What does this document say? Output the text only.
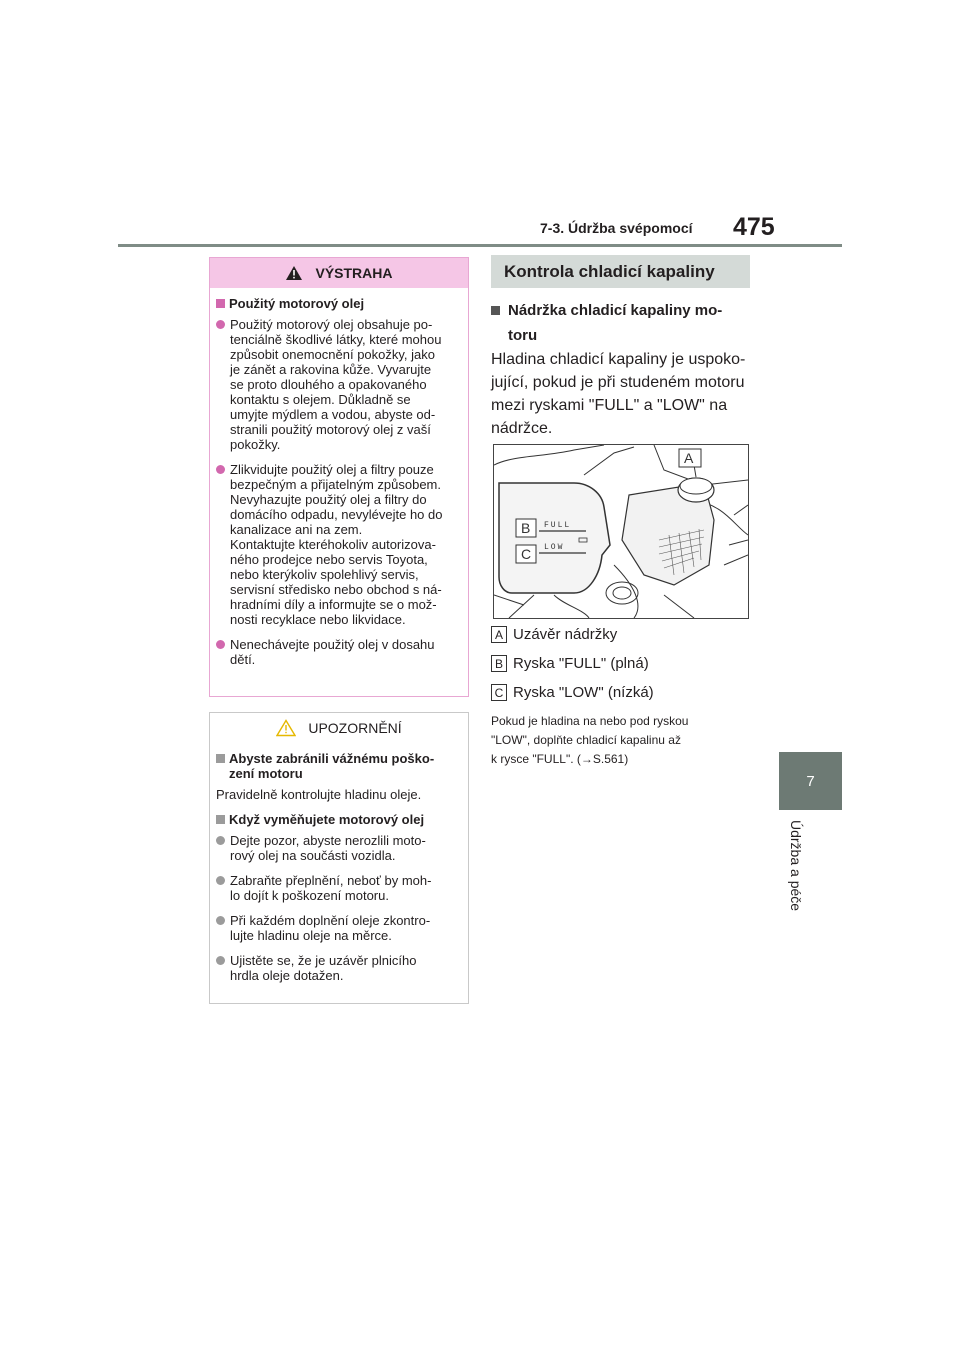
7-3. Údržba svépomocí 475
7
Údržba a péče
VÝSTRAHA
Použitý motorový olej
Použitý motorový olej obsahuje po-
tenciálně škodlivé látky, které mohou
způsobit onemocnění pokožky, jako
je zánět a rakovina kůže. Vyvarujte
se proto dlouhého a opakovaného
kontaktu s olejem. Důkladně se
umyjte mýdlem a vodou, abyste od-
stranili použitý motorový olej z vaší
pokožky.
Zlikvidujte použitý olej a filtry pouze
bezpečným a přijatelným způsobem.
Nevyhazujte použitý olej a filtry do
domácího odpadu, nevylévejte ho do
kanalizace ani na zem.
Kontaktujte kteréhokoliv autorizova-
ného prodejce nebo servis Toyota,
nebo kterýkoliv spolehlivý servis,
servisní středisko nebo obchod s ná-
hradními díly a informujte se o mož-
nosti recyklace nebo likvidace.
Nenechávejte použitý olej v dosahu
dětí.
UPOZORNĚNÍ
Abyste zabránili vážnému poško-
zení motoru
Pravidelně kontrolujte hladinu oleje.
Když vyměňujete motorový olej
Dejte pozor, abyste nerozlili moto-
rový olej na součásti vozidla.
Zabraňte přeplnění, neboť by moh-
lo dojít k poškození motoru.
Při každém doplnění oleje zkontro-
lujte hladinu oleje na měrce.
Ujistěte se, že je uzávěr plnicího
hrdla oleje dotažen.
Kontrola chladicí kapaliny
Nádržka chladicí kapaliny mo-
toru
Hladina chladicí kapaliny je uspoko-
jující, pokud je při studeném motoru
mezi ryskami "FULL" a "LOW" na
nádržce.
A
FULL
LOW
B
C
A Uzávěr nádržky
B Ryska "FULL" (plná)
C Ryska "LOW" (nízká)
Pokud je hladina na nebo pod ryskou
"LOW", doplňte chladicí kapalinu až
k rysce "FULL". (→S.561)
